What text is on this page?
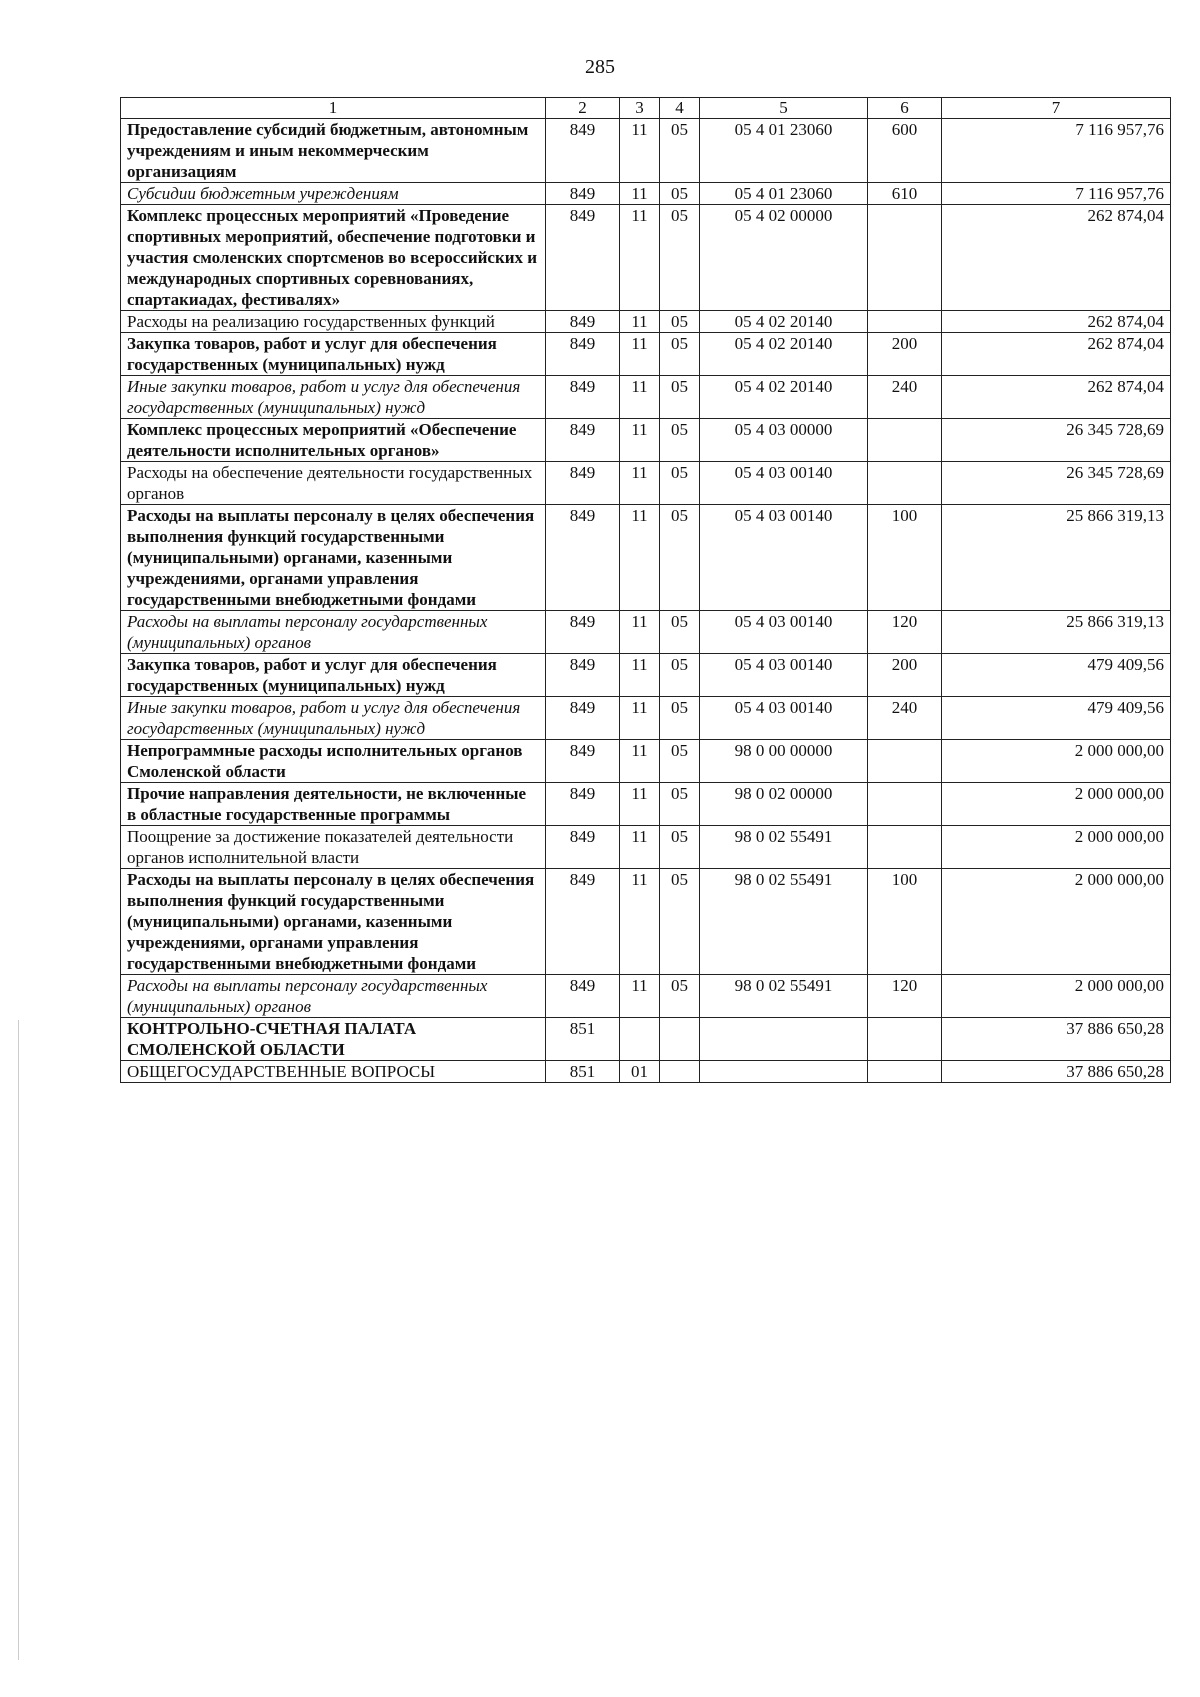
285
1	2	3	4	5	6	7
Предоставление субсидий бюджетным, автономным учреждениям и иным некоммерческим организациям	849	11	05	05 4 01 23060	600	7 116 957,76
Субсидии бюджетным учреждениям	849	11	05	05 4 01 23060	610	7 116 957,76
Комплекс процессных мероприятий «Проведение спортивных мероприятий, обеспечение подготовки и участия смоленских спортсменов во всероссийских и международных спортивных соревнованиях, спартакиадах, фестивалях»	849	11	05	05 4 02 00000		262 874,04
Расходы на реализацию государственных функций	849	11	05	05 4 02 20140		262 874,04
Закупка товаров, работ и услуг для обеспечения государственных (муниципальных) нужд	849	11	05	05 4 02 20140	200	262 874,04
Иные закупки товаров, работ и услуг для обеспечения государственных (муниципальных) нужд	849	11	05	05 4 02 20140	240	262 874,04
Комплекс процессных мероприятий «Обеспечение деятельности исполнительных органов»	849	11	05	05 4 03 00000		26 345 728,69
Расходы на обеспечение деятельности государственных органов	849	11	05	05 4 03 00140		26 345 728,69
Расходы на выплаты персоналу в целях обеспечения выполнения функций государственными (муниципальными) органами, казенными учреждениями, органами управления государственными внебюджетными фондами	849	11	05	05 4 03 00140	100	25 866 319,13
Расходы на выплаты персоналу государственных (муниципальных) органов	849	11	05	05 4 03 00140	120	25 866 319,13
Закупка товаров, работ и услуг для обеспечения государственных (муниципальных) нужд	849	11	05	05 4 03 00140	200	479 409,56
Иные закупки товаров, работ и услуг для обеспечения государственных (муниципальных) нужд	849	11	05	05 4 03 00140	240	479 409,56
Непрограммные расходы исполнительных органов Смоленской области	849	11	05	98 0 00 00000		2 000 000,00
Прочие направления деятельности, не включенные в областные государственные программы	849	11	05	98 0 02 00000		2 000 000,00
Поощрение за достижение показателей деятельности органов исполнительной власти	849	11	05	98 0 02 55491		2 000 000,00
Расходы на выплаты персоналу в целях обеспечения выполнения функций государственными (муниципальными) органами, казенными учреждениями, органами управления государственными внебюджетными фондами	849	11	05	98 0 02 55491	100	2 000 000,00
Расходы на выплаты персоналу государственных (муниципальных) органов	849	11	05	98 0 02 55491	120	2 000 000,00
КОНТРОЛЬНО-СЧЕТНАЯ ПАЛАТА СМОЛЕНСКОЙ ОБЛАСТИ	851					37 886 650,28
ОБЩЕГОСУДАРСТВЕННЫЕ ВОПРОСЫ	851	01				37 886 650,28
